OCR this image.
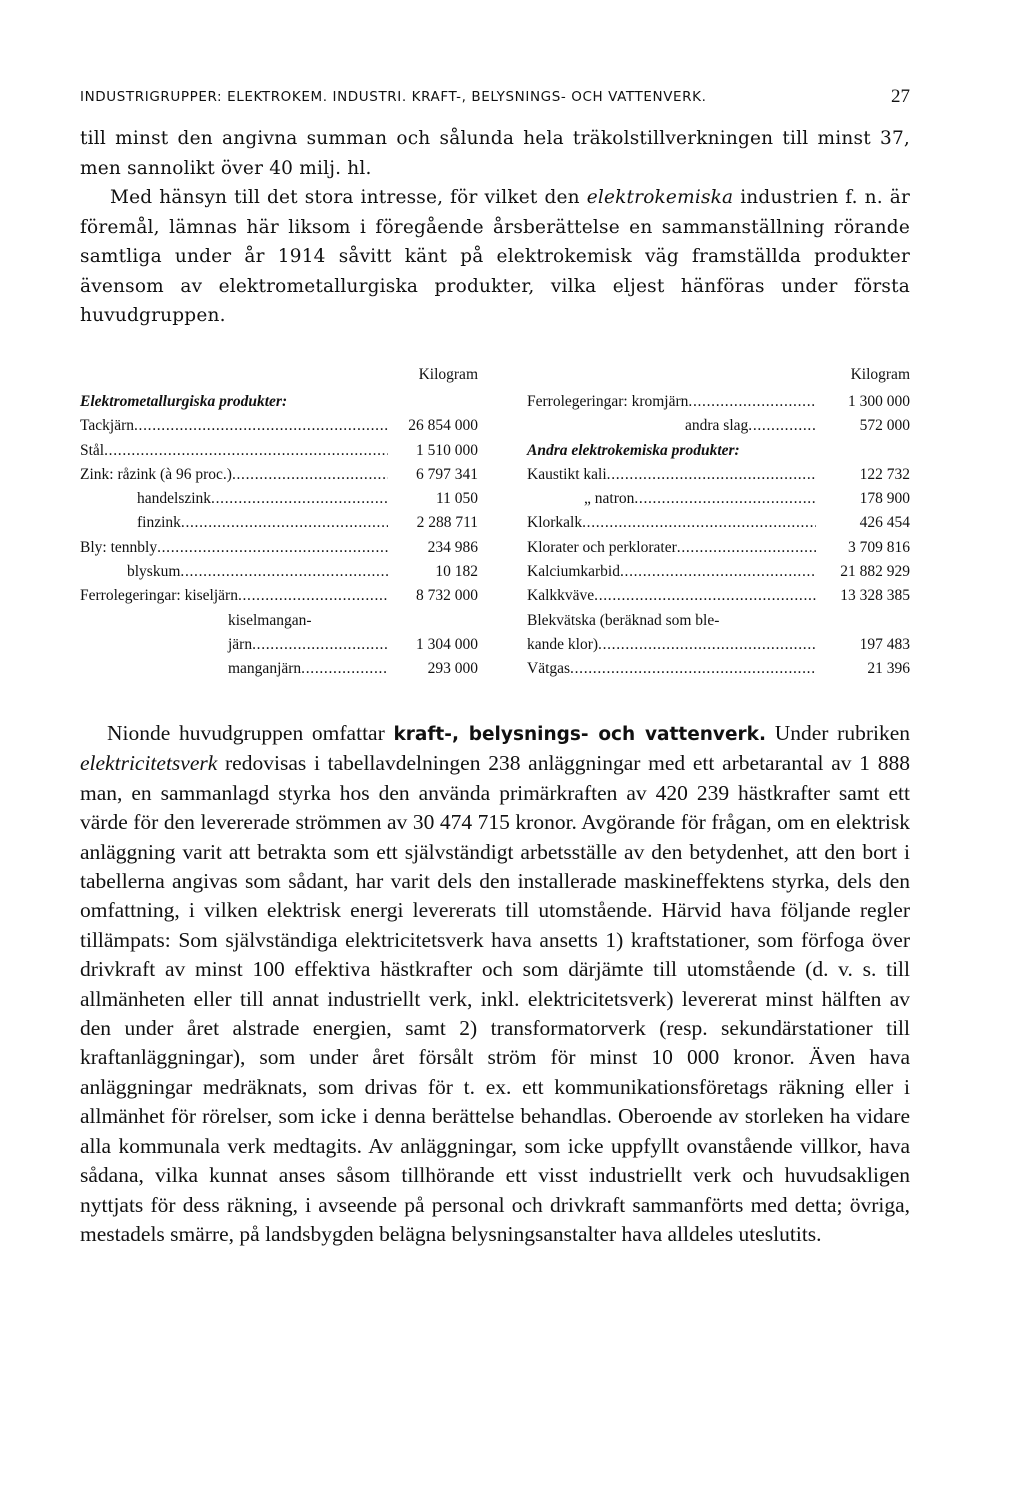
INDUSTRIGRUPPER: ELEKTROKEM. INDUSTRI. KRAFT-, BELYSNINGS- OCH VATTENVERK.	27

till minst den angivna summan och sålunda hela träkolstillverkningen till minst 37, men sannolikt över 40 milj. hl.

Med hänsyn till det stora intresse, för vilket den elektrokemiska industrien f. n. är föremål, lämnas här liksom i föregående årsberättelse en sammanställning rörande samtliga under år 1914 såvitt känt på elektrokemisk väg framställda produkter ävensom av elektrometallurgiska produkter, vilka eljest hänföras under första huvudgruppen.

Kilogram
Elektrometallurgiska produkter:
Tackjärn . . .	26 854 000
Stål . . .	1 510 000
Zink: råzink (à 96 proc.) . . .	6 797 341
handelszink . . .	11 050
finzink . . .	2 288 711
Bly: tennbly . . .	234 986
blyskum . . .	10 182
Ferrolegeringar: kiseljärn . . .	8 732 000
kiselmangan-
järn . . .	1 304 000
manganjärn . . .	293 000
Kilogram
Ferrolegeringar: kromjärn . . .	1 300 000
andra slag . . .	572 000
Andra elektrokemiska produkter:
Kaustikt kali . . .	122 732
„ natron . . .	178 900
Klorkalk . . .	426 454
Klorater och perklorater . . .	3 709 816
Kalciumkarbid . . .	21 882 929
Kalkkväve . . .	13 328 385
Blekvätska (beräknad som ble-
kande klor) . . .	197 483
Vätgas . . .	21 396

Nionde huvudgruppen omfattar kraft-, belysnings- och vattenverk. Under rubriken elektricitetsverk redovisas i tabellavdelningen 238 anläggningar med ett arbetarantal av 1 888 man, en sammanlagd styrka hos den använda primärkraften av 420 239 hästkrafter samt ett värde för den levererade strömmen av 30 474 715 kronor. Avgörande för frågan, om en elektrisk anläggning varit att betrakta som ett självständigt arbetsställe av den betydenhet, att den bort i tabellerna angivas som sådant, har varit dels den installerade maskineffektens styrka, dels den omfattning, i vilken elektrisk energi levererats till utomstående. Härvid hava följande regler tillämpats: Som självständiga elektricitetsverk hava ansetts 1) kraftstationer, som förfoga över drivkraft av minst 100 effektiva hästkrafter och som därjämte till utomstående (d. v. s. till allmänheten eller till annat industriellt verk, inkl. elektricitetsverk) levererat minst hälften av den under året alstrade energien, samt 2) transformatorverk (resp. sekundärstationer till kraftanläggningar), som under året försålt ström för minst 10 000 kronor. Även hava anläggningar medräknats, som drivas för t. ex. ett kommunikationsföretags räkning eller i allmänhet för rörelser, som icke i denna berättelse behandlas. Oberoende av storleken ha vidare alla kommunala verk medtagits. Av anläggningar, som icke uppfyllt ovanstående villkor, hava sådana, vilka kunnat anses såsom tillhörande ett visst industriellt verk och huvudsakligen nyttjats för dess räkning, i avseende på personal och drivkraft sammanförts med detta; övriga, mestadels smärre, på landsbygden belägna belysningsanstalter hava alldeles uteslutits.
